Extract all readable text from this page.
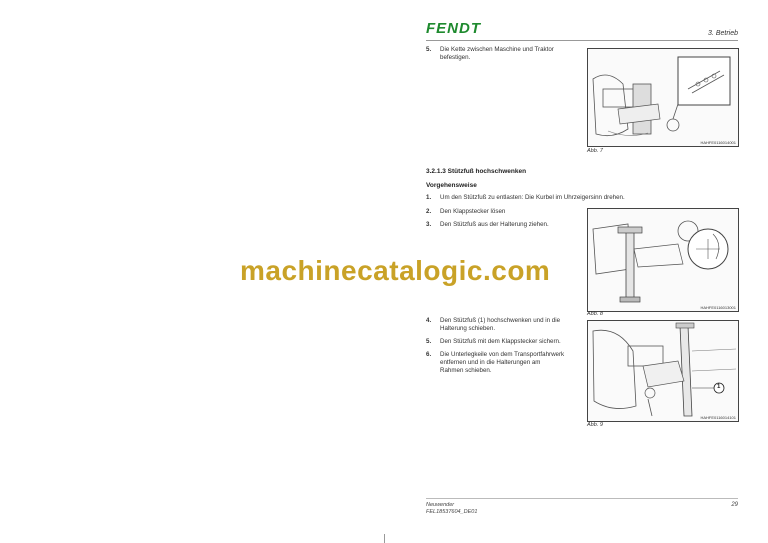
FENDT	3. Betrieb
5. Die Kette zwischen Maschine und Traktor
befestigen.
HAHFE0116014001
Abb. 7
3.2.1.3 Stützfuß hochschwenken
Vorgehensweise
1. Um den Stützfuß zu entlasten: Die Kurbel im Uhrzeigersinn drehen.
2. Den Klappstecker lösen
3. Den Stützfuß aus der Halterung ziehen.
HAHFE0116013001
Abb. 8
4. Den Stützfuß (1) hochschwenken und in die
Halterung schieben.
5. Den Stützfuß mit dem Klappstecker sichern.
6. Die Unterlegkeile von dem Transportfahrwerk
entfernen und in die Halterungen am
Rahmen schieben.
1
HAHFE0116014101
Abb. 9
machinecatalogic.com
Neuwender
FEL18537604_DE01
29
